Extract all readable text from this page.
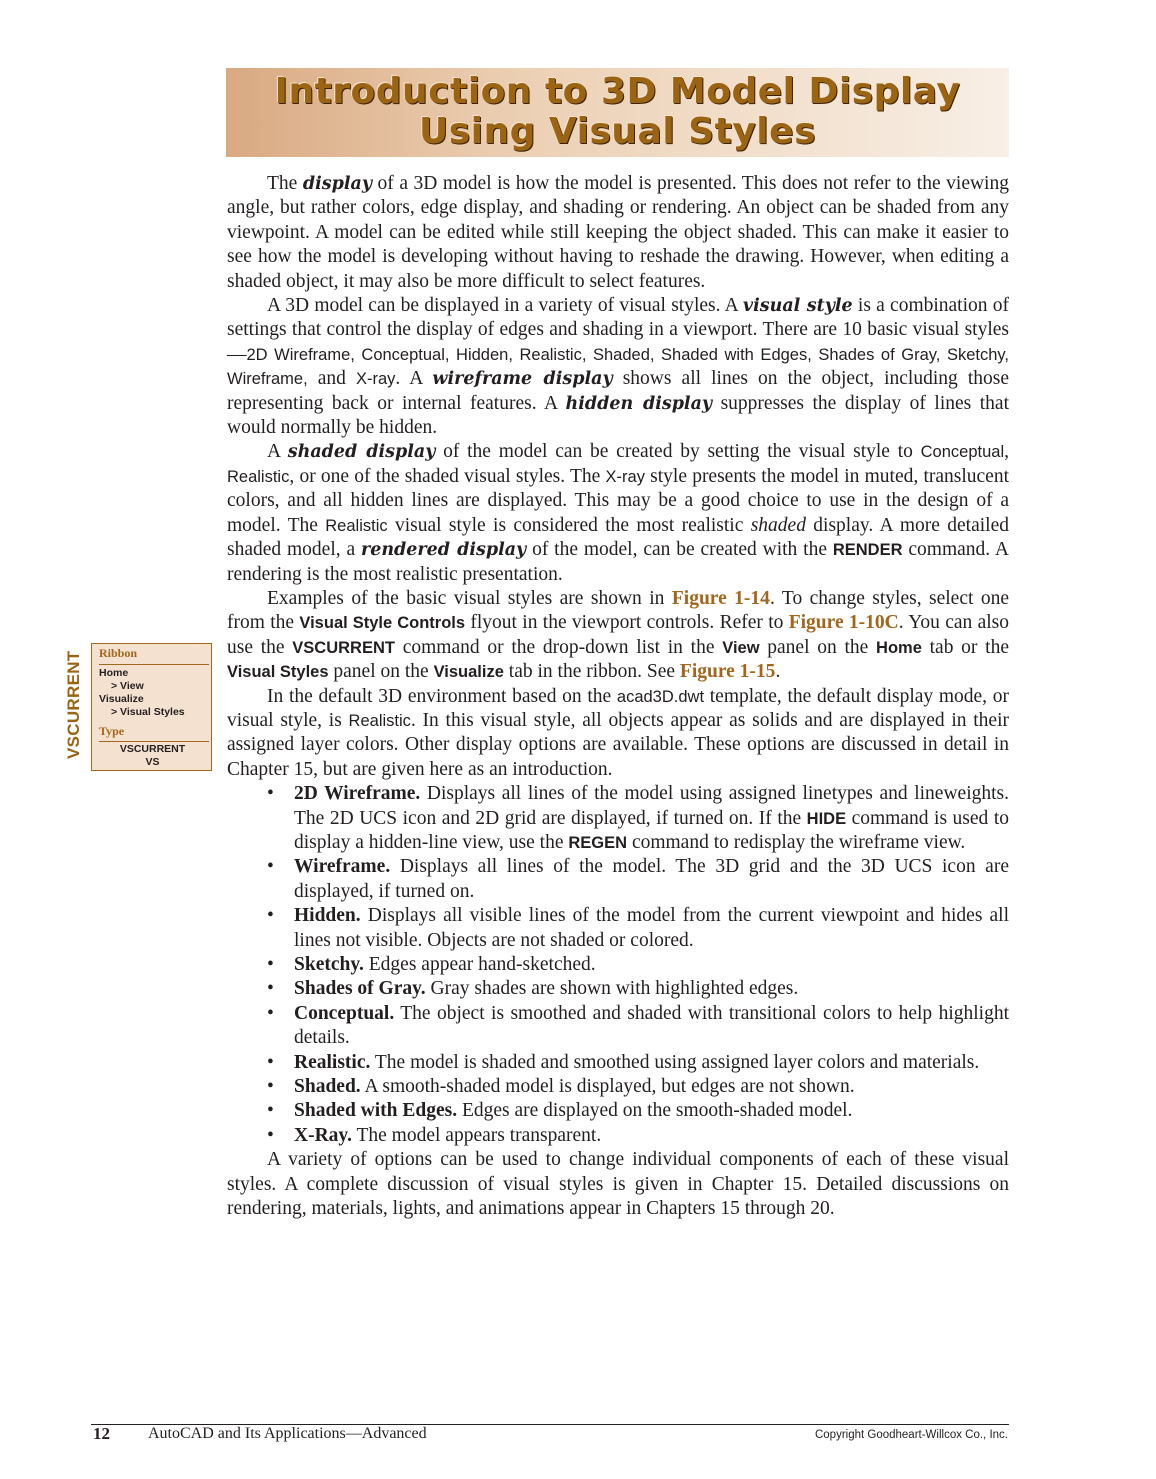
Introduction to 3D Model Display
Using Visual Styles
VSCURRENT Ribbon
Home
> View
Visualize
> Visual Styles
Type
VSCURRENT
VS

The display of a 3D model is how the model is presented. This does not refer to the viewing angle, but rather colors, edge display, and shading or rendering. An object can be shaded from any viewpoint. A model can be edited while still keeping the object shaded. This can make it easier to see how the model is developing without having to reshade the drawing. However, when editing a shaded object, it may also be more difficult to select features.

A 3D model can be displayed in a variety of visual styles. A visual style is a combination of settings that control the display of edges and shading in a viewport. There are 10 basic visual styles—2D Wireframe, Conceptual, Hidden, Realistic, Shaded, Shaded with Edges, Shades of Gray, Sketchy, Wireframe, and X-ray. A wireframe display shows all lines on the object, including those representing back or internal features. A hidden display suppresses the display of lines that would normally be hidden.

A shaded display of the model can be created by setting the visual style to Conceptual, Realistic, or one of the shaded visual styles. The X-ray style presents the model in muted, translucent colors, and all hidden lines are displayed. This may be a good choice to use in the design of a model. The Realistic visual style is considered the most realistic shaded display. A more detailed shaded model, a rendered display of the model, can be created with the RENDER command. A rendering is the most realistic presentation.

Examples of the basic visual styles are shown in Figure 1-14. To change styles, select one from the Visual Style Controls flyout in the viewport controls. Refer to Figure 1-10C. You can also use the VSCURRENT command or the drop-down list in the View panel on the Home tab or the Visual Styles panel on the Visualize tab in the ribbon. See Figure 1-15.

In the default 3D environment based on the acad3D.dwt template, the default display mode, or visual style, is Realistic. In this visual style, all objects appear as solids and are displayed in their assigned layer colors. Other display options are available. These options are discussed in detail in Chapter 15, but are given here as an introduction.

• 2D Wireframe. Displays all lines of the model using assigned linetypes and lineweights. The 2D UCS icon and 2D grid are displayed, if turned on. If the HIDE command is used to display a hidden-line view, use the REGEN command to redisplay the wireframe view.
• Wireframe. Displays all lines of the model. The 3D grid and the 3D UCS icon are displayed, if turned on.
• Hidden. Displays all visible lines of the model from the current viewpoint and hides all lines not visible. Objects are not shaded or colored.
• Sketchy. Edges appear hand-sketched.
• Shades of Gray. Gray shades are shown with highlighted edges.
• Conceptual. The object is smoothed and shaded with transitional colors to help highlight details.
• Realistic. The model is shaded and smoothed using assigned layer colors and materials.
• Shaded. A smooth-shaded model is displayed, but edges are not shown.
• Shaded with Edges. Edges are displayed on the smooth-shaded model.
• X-Ray. The model appears transparent.

A variety of options can be used to change individual components of each of these visual styles. A complete discussion of visual styles is given in Chapter 15. Detailed discussions on rendering, materials, lights, and animations appear in Chapters 15 through 20.

12 AutoCAD and Its Applications—Advanced	Copyright Goodheart-Willcox Co., Inc.
